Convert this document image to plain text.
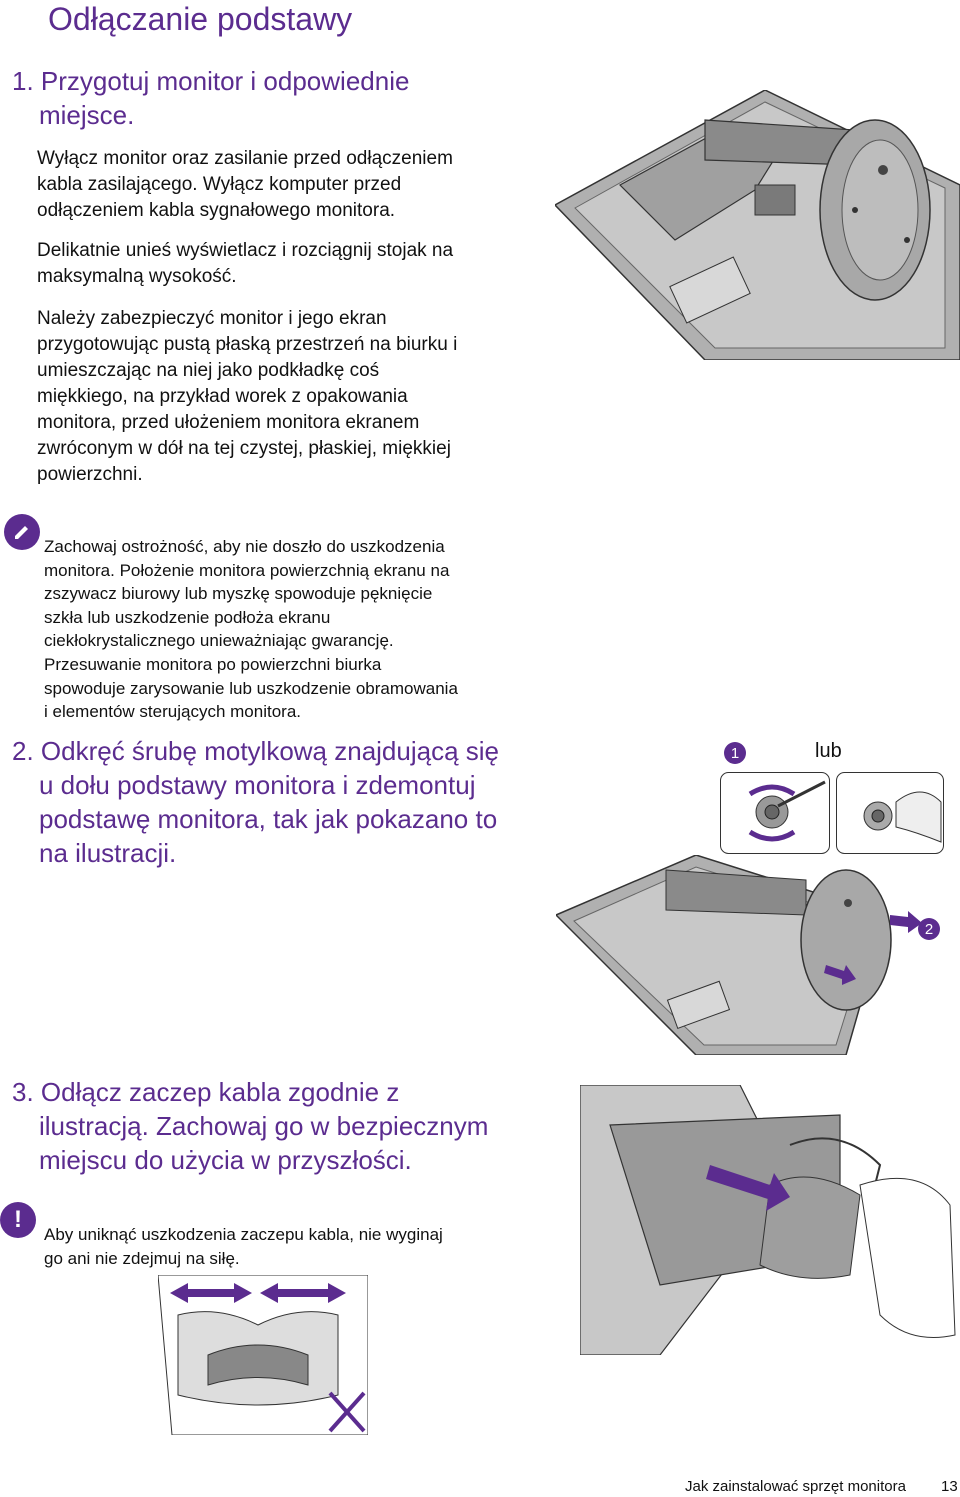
Odłączanie podstawy

1. Przygotuj monitor i odpowiednie

miejsce.

Wyłącz monitor oraz zasilanie przed odłączeniem

kabla zasilającego. Wyłącz komputer przed

odłączeniem kabla sygnałowego monitora.

Delikatnie unieś wyświetlacz i rozciągnij stojak na

maksymalną wysokość.

Należy zabezpieczyć monitor i jego ekran

przygotowując pustą płaską przestrzeń na biurku i

umieszczając na niej jako podkładkę coś

miękkiego, na przykład worek z opakowania

monitora, przed ułożeniem monitora ekranem

zwróconym w dół na tej czystej, płaskiej, miękkiej

powierzchni.

Zachowaj ostrożność, aby nie doszło do uszkodzenia

monitora. Położenie monitora powierzchnią ekranu na

zszywacz biurowy lub myszkę spowoduje pęknięcie

szkła lub uszkodzenie podłoża ekranu

ciekłokrystalicznego unieważniając gwarancję.

Przesuwanie monitora po powierzchni biurka

spowoduje zarysowanie lub uszkodzenie obramowania

i elementów sterujących monitora.

2. Odkręć śrubę motylkową znajdującą się

u dołu podstawy monitora i zdemontuj

podstawę monitora, tak jak pokazano to

na ilustracji.

1	lub
2

3. Odłącz zaczep kabla zgodnie z

ilustracją. Zachowaj go w bezpiecznym

miejscu do użycia w przyszłości.

!

Aby uniknąć uszkodzenia zaczepu kabla, nie wyginaj

go ani nie zdejmuj na siłę.

Jak zainstalować sprzęt monitora 13
